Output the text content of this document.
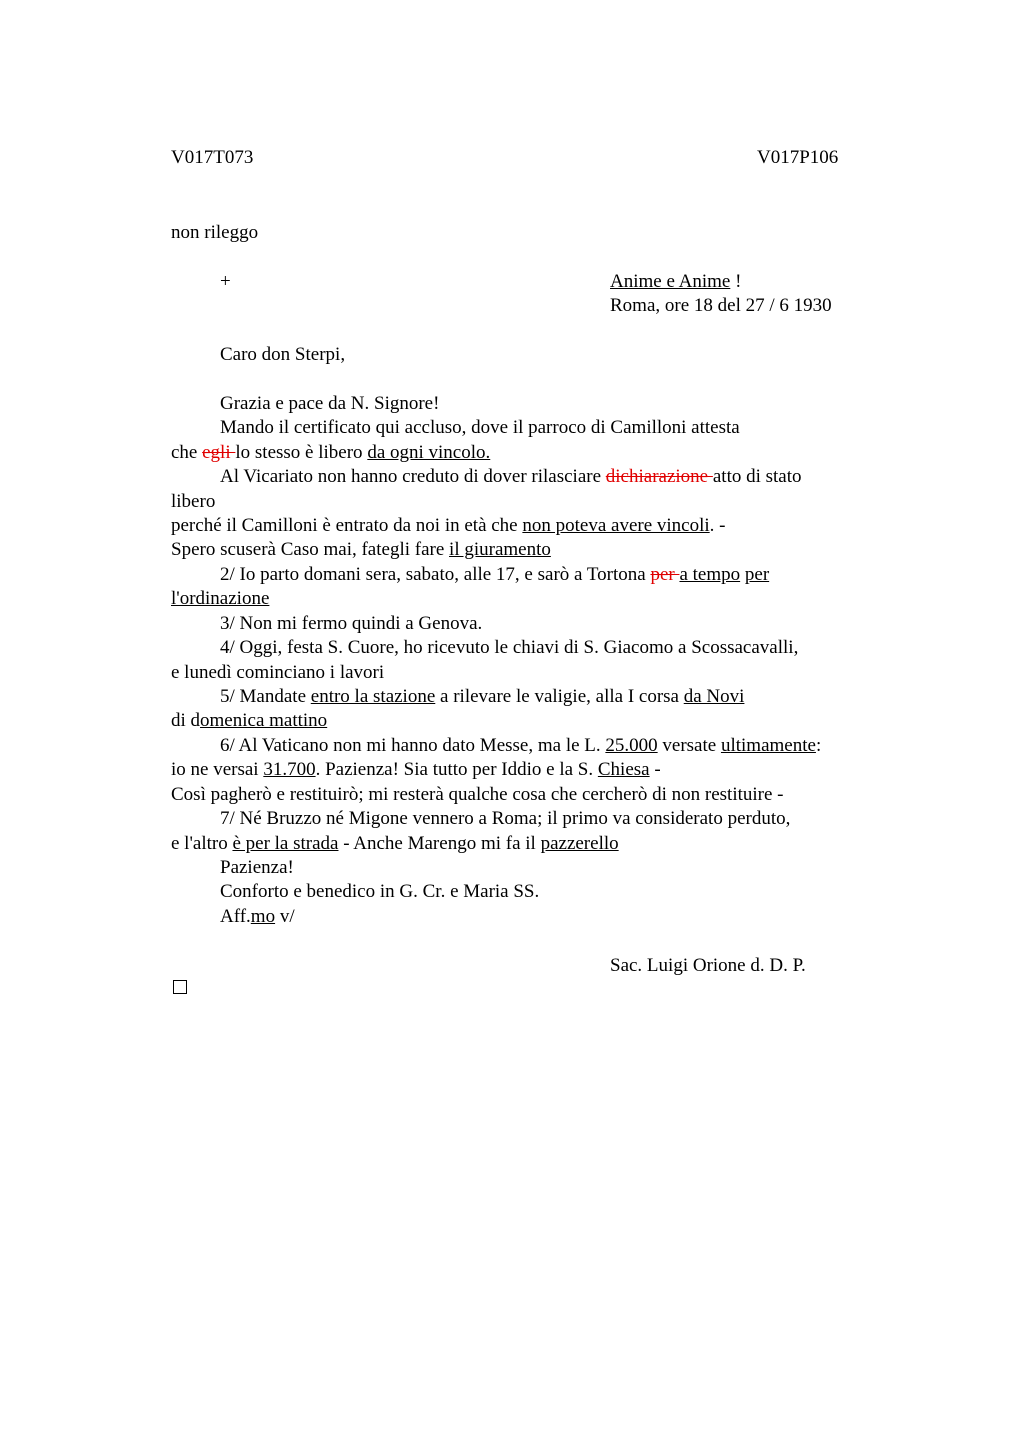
V017T073	V017P106
non rileggo
+	Anime e Anime !
Roma, ore 18 del 27 / 6 1930
Caro don Sterpi,
Grazia e pace da N. Signore!
Mando il certificato qui accluso, dove il parroco di Camilloni attesta
che egli lo stesso è libero da ogni vincolo.
Al Vicariato non hanno creduto di dover rilasciare dichiarazione atto di stato
libero
perché il Camilloni è entrato da noi in età che non poteva avere vincoli. -
Spero scuserà Caso mai, fategli fare il giuramento
2/ Io parto domani sera, sabato, alle 17, e sarò a Tortona per a tempo per
l'ordinazione
3/ Non mi fermo quindi a Genova.
4/ Oggi, festa S. Cuore, ho ricevuto le chiavi di S. Giacomo a Scossacavalli,
e lunedì cominciano i lavori
5/ Mandate entro la stazione a rilevare le valigie, alla I corsa da Novi
di domenica mattino
6/ Al Vaticano non mi hanno dato Messe, ma le L. 25.000 versate ultimamente:
io ne versai 31.700. Pazienza! Sia tutto per Iddio e la S. Chiesa -
Così pagherò e restituirò; mi resterà qualche cosa che cercherò di non restituire -
7/ Né Bruzzo né Migone vennero a Roma; il primo va considerato perduto,
e l'altro è per la strada - Anche Marengo mi fa il pazzerello
Pazienza!
Conforto e benedico in G. Cr. e Maria SS.
Aff.mo v/
Sac. Luigi Orione d. D. P.
